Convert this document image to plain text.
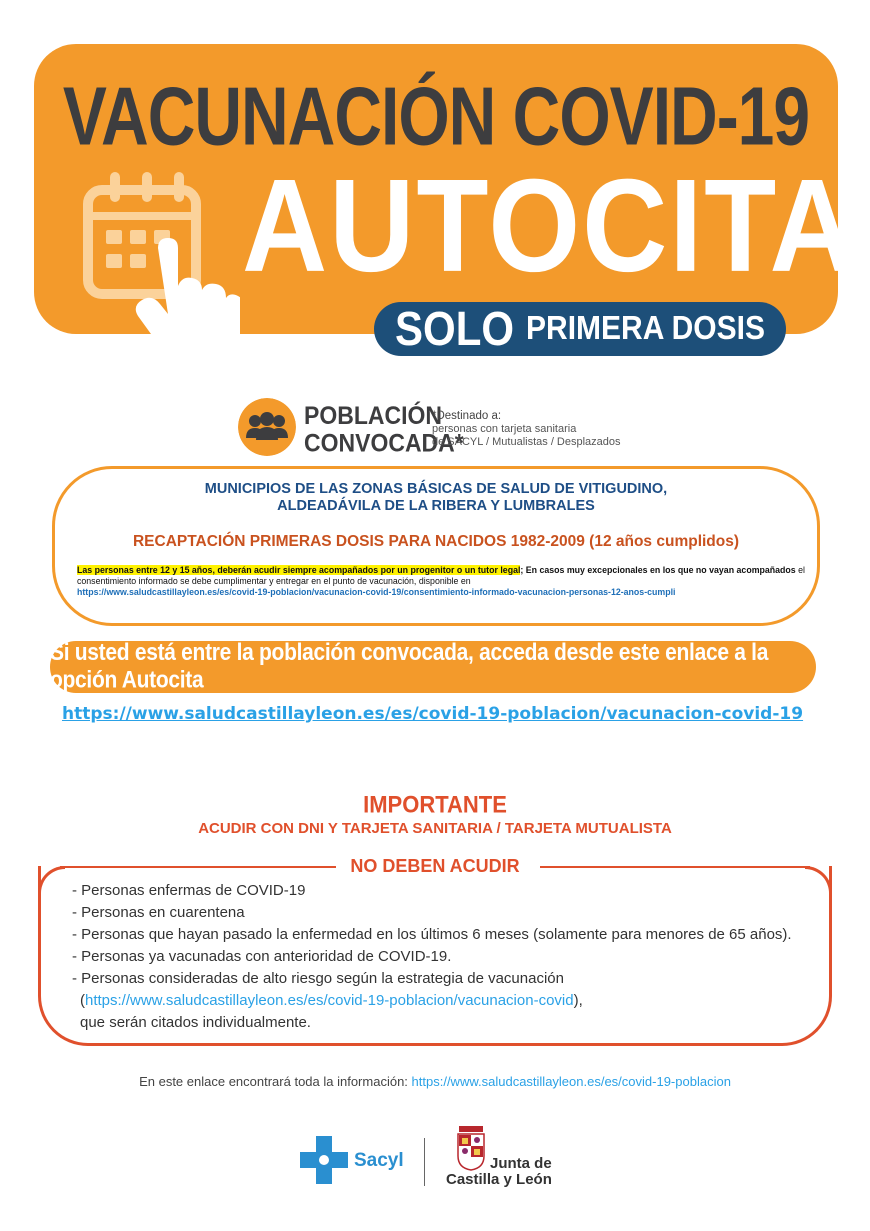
VACUNACIÓN COVID-19
AUTOCITA
SOLO PRIMERA DOSIS
POBLACIÓN
CONVOCADA*
*Destinado a:
personas con tarjeta sanitaria
de SACYL / Mutualistas / Desplazados
MUNICIPIOS DE LAS ZONAS BÁSICAS DE SALUD DE VITIGUDINO,
ALDEADÁVILA DE LA RIBERA Y LUMBRALES
RECAPTACIÓN PRIMERAS DOSIS PARA NACIDOS 1982-2009 (12 años cumplidos)
Las personas entre 12 y 15 años, deberán acudir siempre acompañados por un progenitor o un tutor legal; En casos muy excepcionales en los que no vayan acompañados el consentimiento informado se debe cumplimentar y entregar en el punto de vacunación, disponible en
https://www.saludcastillayleon.es/es/covid-19-poblacion/vacunacion-covid-19/consentimiento-informado-vacunacion-personas-12-anos-cumpli
Si usted está entre la población convocada, acceda desde este enlace a la opción Autocita
https://www.saludcastillayleon.es/es/covid-19-poblacion/vacunacion-covid-19
IMPORTANTE
ACUDIR CON DNI Y TARJETA SANITARIA / TARJETA MUTUALISTA
NO DEBEN ACUDIR
- Personas enfermas de COVID-19
- Personas en cuarentena
- Personas que hayan pasado la enfermedad en los últimos 6 meses (solamente para menores de 65 años).
- Personas ya vacunadas con anterioridad de COVID-19.
- Personas consideradas de alto riesgo según la estrategia de vacunación
(https://www.saludcastillayleon.es/es/covid-19-poblacion/vacunacion-covid),
que serán citados individualmente.
En este enlace encontrará toda la información: https://www.saludcastillayleon.es/es/covid-19-poblacion
Sacyl	Junta de
Castilla y León
